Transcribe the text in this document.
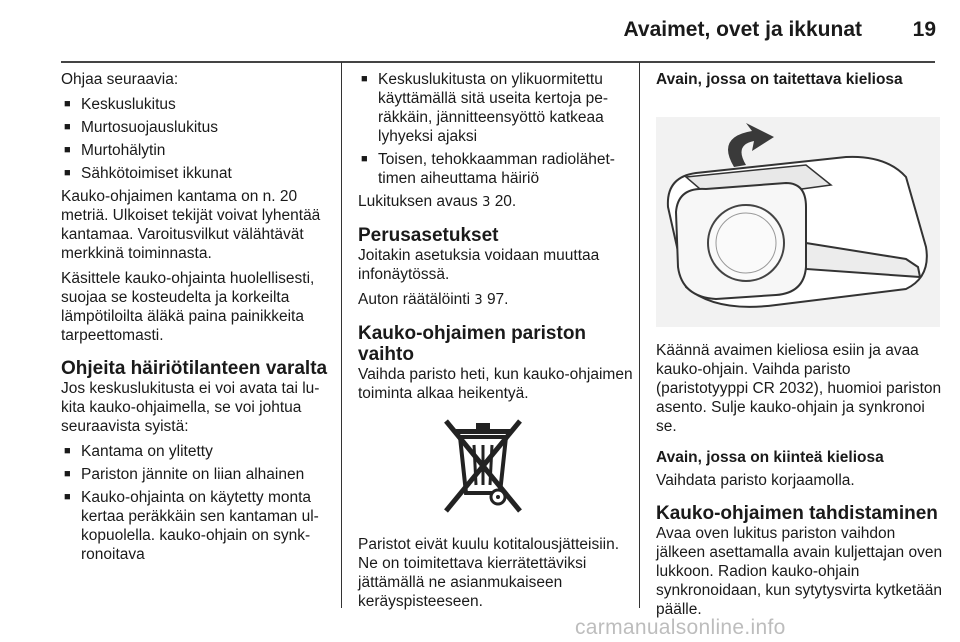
Avaimet, ovet ja ikkunat 19

Ohjaa seuraavia:

■ Keskuslukitus
■ Murtosuojauslukitus
■ Murtohälytin
■ Sähkötoimiset ikkunat

Kauko-ohjaimen kantama on n. 20 metriä. Ulkoiset tekijät voivat lyhentää kantamaa. Varoitusvilkut välähtävät merkkinä toiminnasta.

Käsittele kauko-ohjainta huolellisesti, suojaa se kosteudelta ja korkeilta lämpötiloilta äläkä paina painikkeita tarpeettomasti.

Ohjeita häiriötilanteen varalta

Jos keskuslukitusta ei voi avata tai lukita kauko-ohjaimella, se voi johtua seuraavista syistä:

■ Kantama on ylitetty
■ Pariston jännite on liian alhainen
■ Kauko-ohjainta on käytetty monta kertaa peräkkäin sen kantaman ulkopuolella. kauko-ohjain on synkronoitava
■ Keskuslukitusta on ylikuormitettu käyttämällä sitä useita kertoja peräkkäin, jännitteensyöttö katkeaa lyhyeksi ajaksi
■ Toisen, tehokkaamman radiolähettimen aiheuttama häiriö

Lukituksen avaus 3 20.

Perusasetukset

Joitakin asetuksia voidaan muuttaa infonäytössä.

Auton räätälöinti 3 97.

Kauko-ohjaimen pariston vaihto

Vaihda paristo heti, kun kauko-ohjaimen toiminta alkaa heikentyä.

Paristot eivät kuulu kotitalousjätteisiin. Ne on toimitettava kierrätettäviksi jättämällä ne asianmukaiseen keräyspisteeseen.

Avain, jossa on taitettava kieliosa

Käännä avaimen kieliosa esiin ja avaa kauko-ohjain. Vaihda paristo (paristotyyppi CR 2032), huomioi pariston asento. Sulje kauko-ohjain ja synkronoi se.

Avain, jossa on kiinteä kieliosa

Vaihdata paristo korjaamolla.

Kauko-ohjaimen tahdistaminen

Avaa oven lukitus pariston vaihdon jälkeen asettamalla avain kuljettajan oven lukkoon. Radion kauko-ohjain synkronoidaan, kun sytytysvirta kytketään päälle.

carmanualsonline.info
